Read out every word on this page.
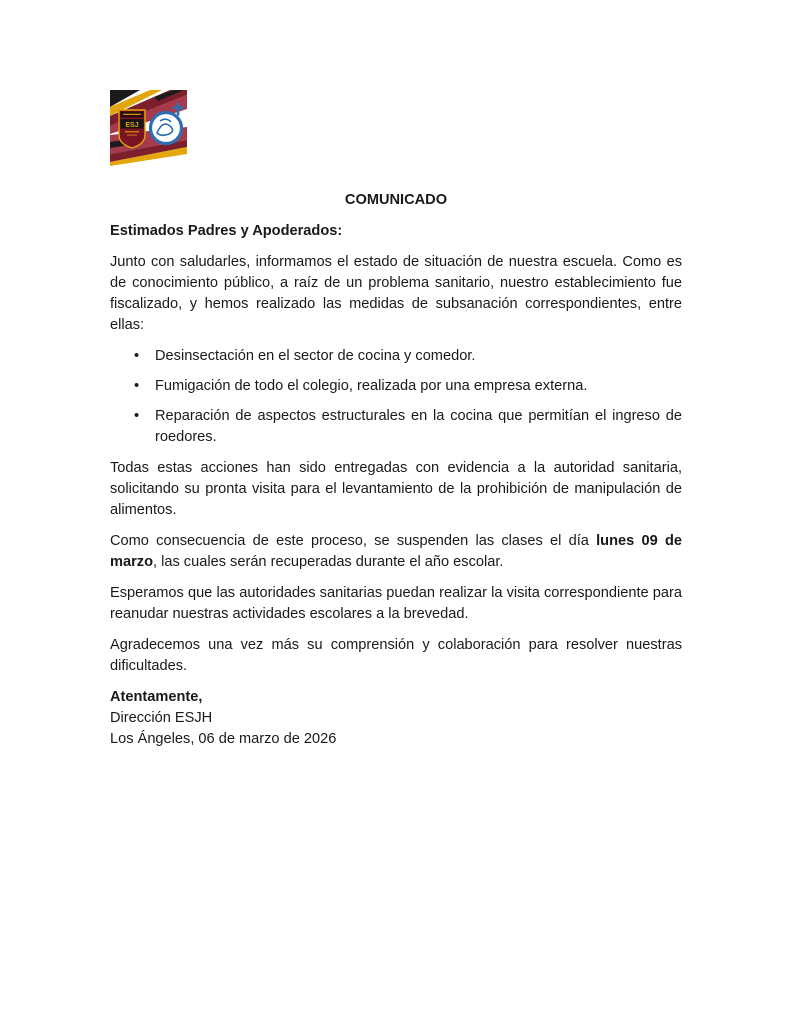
ESJ
COMUNICADO

Estimados Padres y Apoderados:

Junto con saludarles, informamos el estado de situación de nuestra escuela. Como es de conocimiento público, a raíz de un problema sanitario, nuestro establecimiento fue fiscalizado, y hemos realizado las medidas de subsanación correspondientes, entre ellas:

• Desinsectación en el sector de cocina y comedor.
• Fumigación de todo el colegio, realizada por una empresa externa.
• Reparación de aspectos estructurales en la cocina que permitían el ingreso de roedores.

Todas estas acciones han sido entregadas con evidencia a la autoridad sanitaria, solicitando su pronta visita para el levantamiento de la prohibición de manipulación de alimentos.

Como consecuencia de este proceso, se suspenden las clases el día lunes 09 de marzo, las cuales serán recuperadas durante el año escolar.

Esperamos que las autoridades sanitarias puedan realizar la visita correspondiente para reanudar nuestras actividades escolares a la brevedad.

Agradecemos una vez más su comprensión y colaboración para resolver nuestras dificultades.

Atentamente,

Dirección ESJH

Los Ángeles, 06 de marzo de 2026
